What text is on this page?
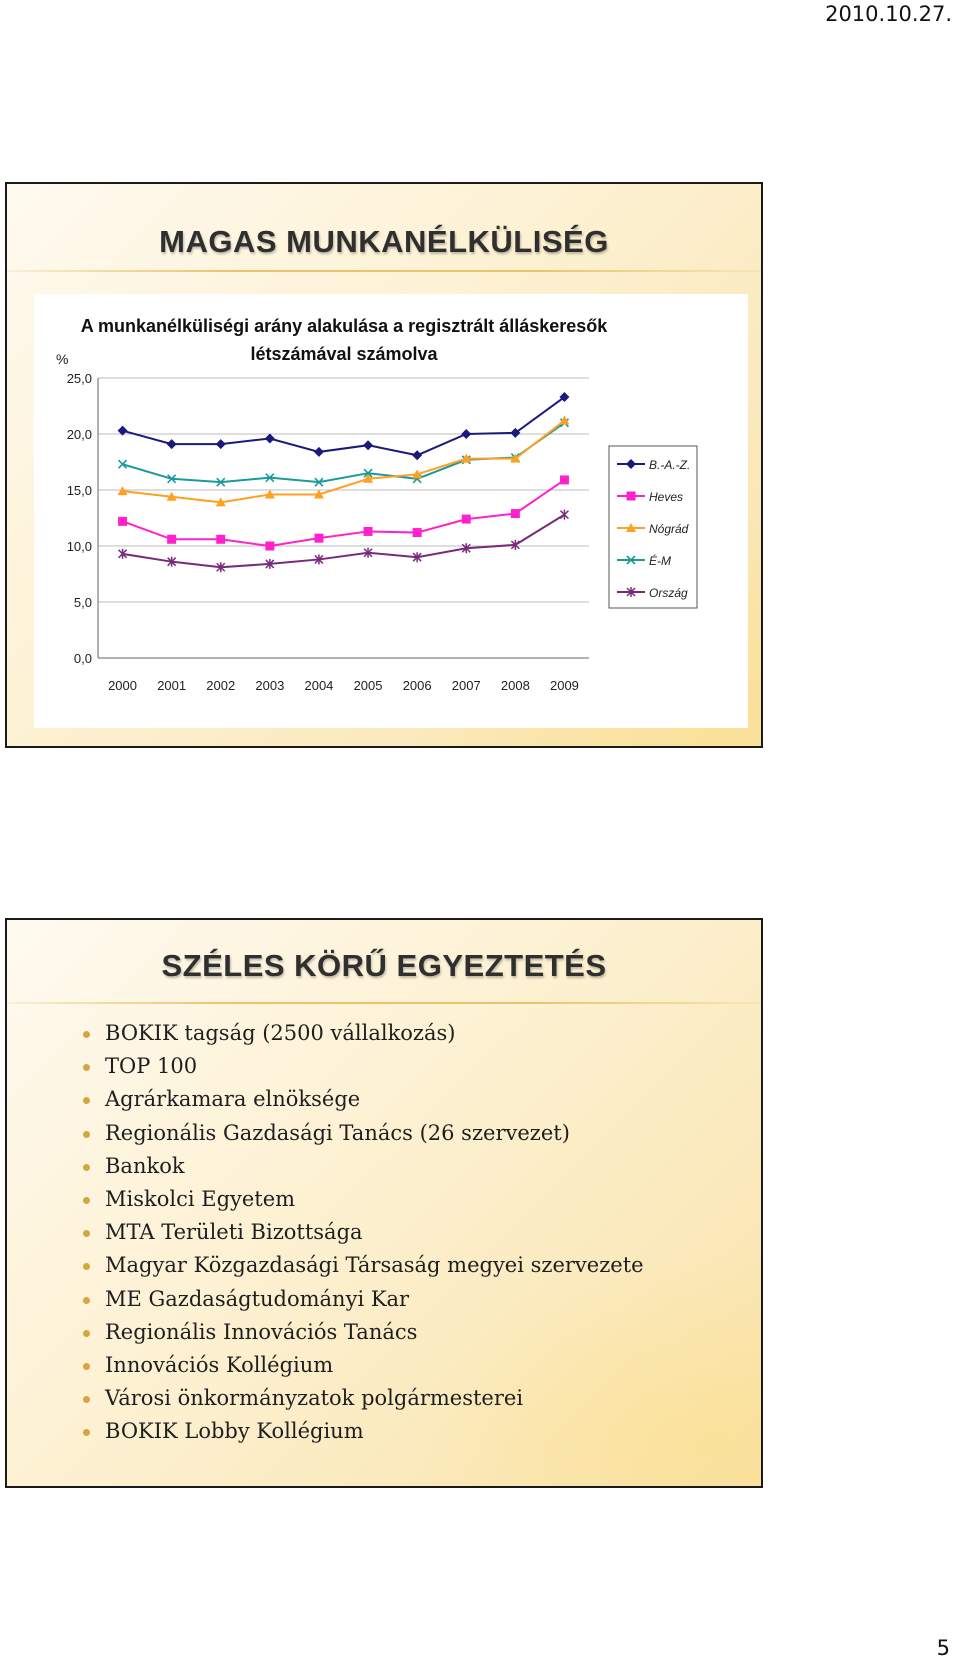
2010.10.27.
MAGAS MUNKANÉLKÜLISÉG
A munkanélküliségi arány alakulása a regisztrált álláskeresők
létszámával számolva
%
0,0
5,0
10,0
15,0
20,0
25,0
2000 2001 2002 2003 2004 2005 2006 2007 2008 2009
B.-A.-Z.
Heves
Nógrád
É-M
Ország
SZÉLES KÖRŰ EGYEZTETÉS
BOKIK tagság (2500 vállalkozás)
TOP 100
Agrárkamara elnöksége
Regionális Gazdasági Tanács (26 szervezet)
Bankok
Miskolci Egyetem
MTA Területi Bizottsága
Magyar Közgazdasági Társaság megyei szervezete
ME Gazdaságtudományi Kar
Regionális Innovációs Tanács
Innovációs Kollégium
Városi önkormányzatok polgármesterei
BOKIK Lobby Kollégium
5
